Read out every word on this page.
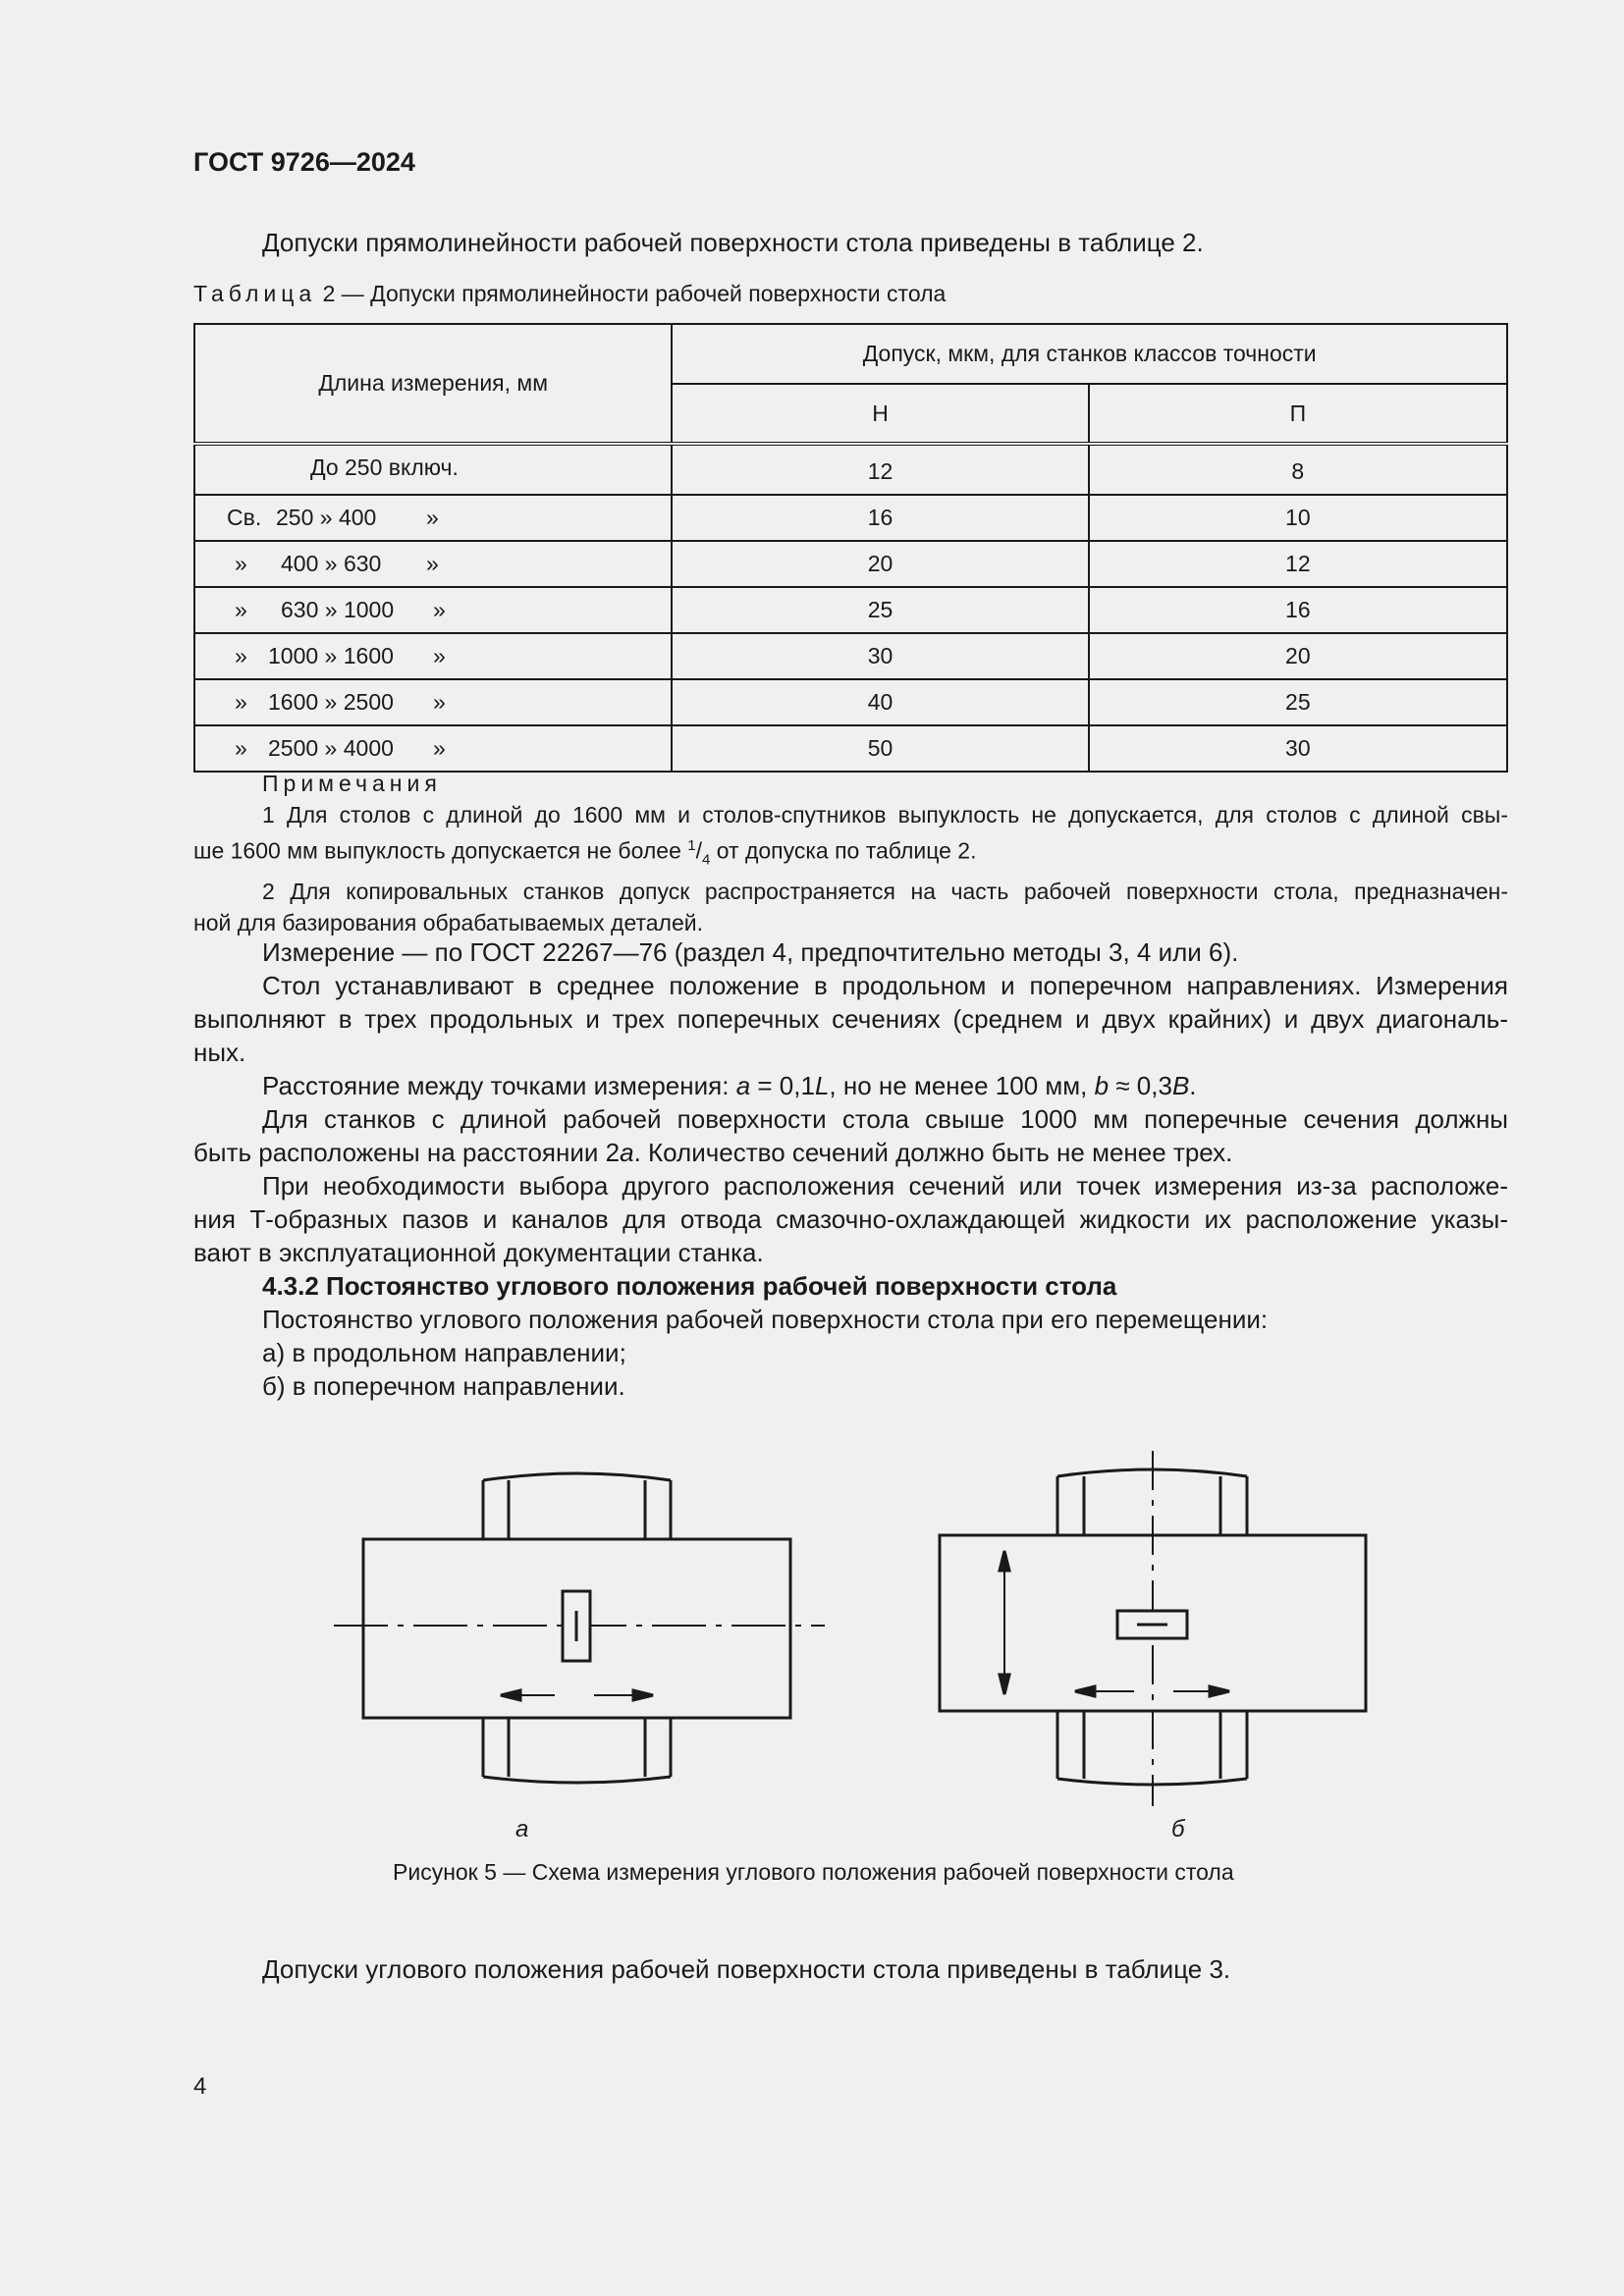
ГОСТ 9726—2024
Допуски прямолинейности рабочей поверхности стола приведены в таблице 2.
Таблица 2 — Допуски прямолинейности рабочей поверхности стола
Длина измерения, мм	Допуск, мкм, для станков классов точности	
	Н	П

До 250 включ.	12	8

Св. 250 » 400 »	16	10

» 400 » 630 »	20	12

» 630 » 1000 »	25	16

» 1000 » 1600 »	30	20

» 1600 » 2500 »	40	25

» 2500 » 4000 »	50	30
Примечания
1 Для столов с длиной до 1600 мм и столов-спутников выпуклость не допускается, для столов с длиной свы-
ше 1600 мм выпуклость допускается не более $^1/_4$ от допуска по таблице 2.
2 Для копировальных станков допуск распространяется на часть рабочей поверхности стола, предназначен-
ной для базирования обрабатываемых деталей.
Измерение — по ГОСТ 22267—76 (раздел 4, предпочтительно методы 3, 4 или 6).
Стол устанавливают в среднее положение в продольном и поперечном направлениях. Измерения
выполняют в трех продольных и трех поперечных сечениях (среднем и двух крайних) и двух диагональ-
ных.
Расстояние между точками измерения: a = 0,1L, но не менее 100 мм, b ≈ 0,3B.
Для станков с длиной рабочей поверхности стола свыше 1000 мм поперечные сечения должны
быть расположены на расстоянии 2a. Количество сечений должно быть не менее трех.
При необходимости выбора другого расположения сечений или точек измерения из-за расположе-
ния Т-образных пазов и каналов для отвода смазочно-охлаждающей жидкости их расположение указы-
вают в эксплуатационной документации станка.
4.3.2 Постоянство углового положения рабочей поверхности стола
Постоянство углового положения рабочей поверхности стола при его перемещении:
а) в продольном направлении;
б) в поперечном направлении.
а	б
Рисунок 5 — Схема измерения углового положения рабочей поверхности стола
Допуски углового положения рабочей поверхности стола приведены в таблице 3.
4
